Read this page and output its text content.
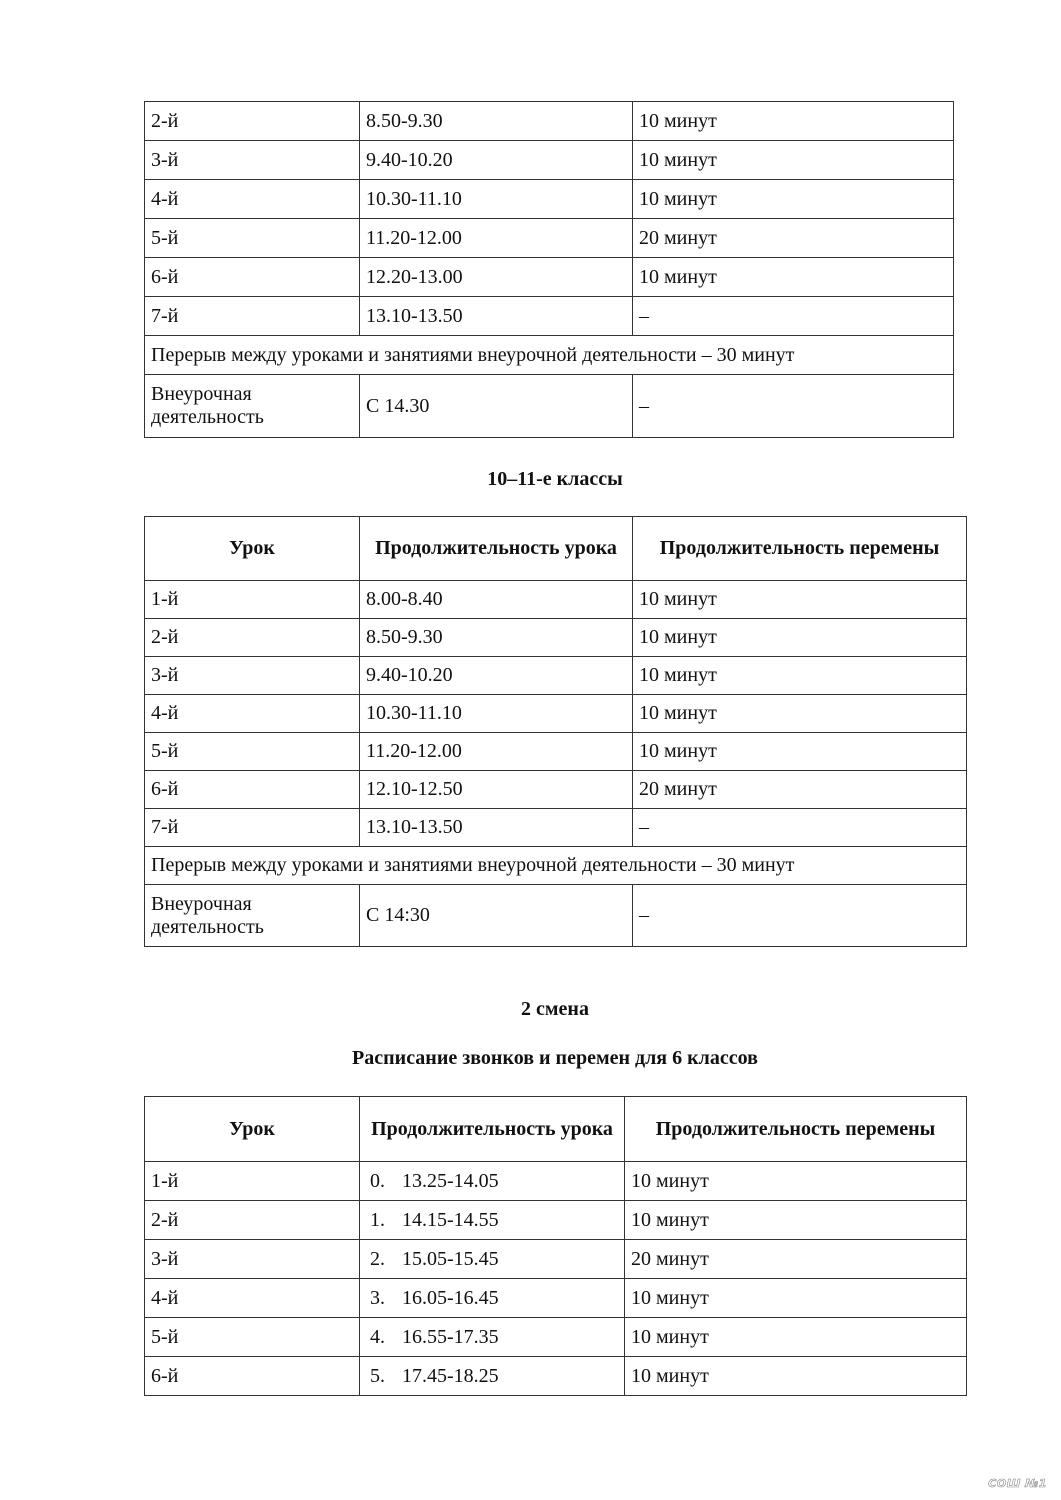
2-й	8.50-9.30	10 минут
3-й	9.40-10.20	10 минут
4-й	10.30-11.10	10 минут
5-й	11.20-12.00	20 минут
6-й	12.20-13.00	10 минут
7-й	13.10-13.50	–
Перерыв между уроками и занятиями внеурочной деятельности – 30 минут		
Внеурочная деятельность	С 14.30	–
10–11-е классы
Урок	Продолжительность урока	Продолжительность перемены
1-й	8.00-8.40	10 минут
2-й	8.50-9.30	10 минут
3-й	9.40-10.20	10 минут
4-й	10.30-11.10	10 минут
5-й	11.20-12.00	10 минут
6-й	12.10-12.50	20 минут
7-й	13.10-13.50	–
Перерыв между уроками и занятиями внеурочной деятельности – 30 минут		
Внеурочная деятельность	С 14:30	–
2 смена
Расписание звонков и перемен для 6 классов
Урок	Продолжительность урока	Продолжительность перемены
1-й	0. 13.25-14.05	10 минут
2-й	1. 14.15-14.55	10 минут
3-й	2. 15.05-15.45	20 минут
4-й	3. 16.05-16.45	10 минут
5-й	4. 16.55-17.35	10 минут
6-й	5. 17.45-18.25	10 минут
СОШ №1
